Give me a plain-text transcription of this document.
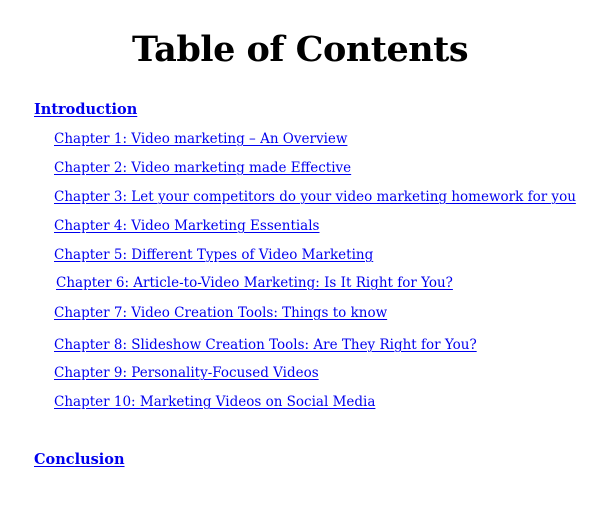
Table of Contents
Introduction
Chapter 1: Video marketing – An Overview
Chapter 2: Video marketing made Effective
Chapter 3: Let your competitors do your video marketing homework for you
Chapter 4: Video Marketing Essentials
Chapter 5: Different Types of Video Marketing
Chapter 6: Article-to-Video Marketing: Is It Right for You?
Chapter 7: Video Creation Tools: Things to know
Chapter 8: Slideshow Creation Tools: Are They Right for You?
Chapter 9: Personality-Focused Videos
Chapter 10: Marketing Videos on Social Media
Conclusion
